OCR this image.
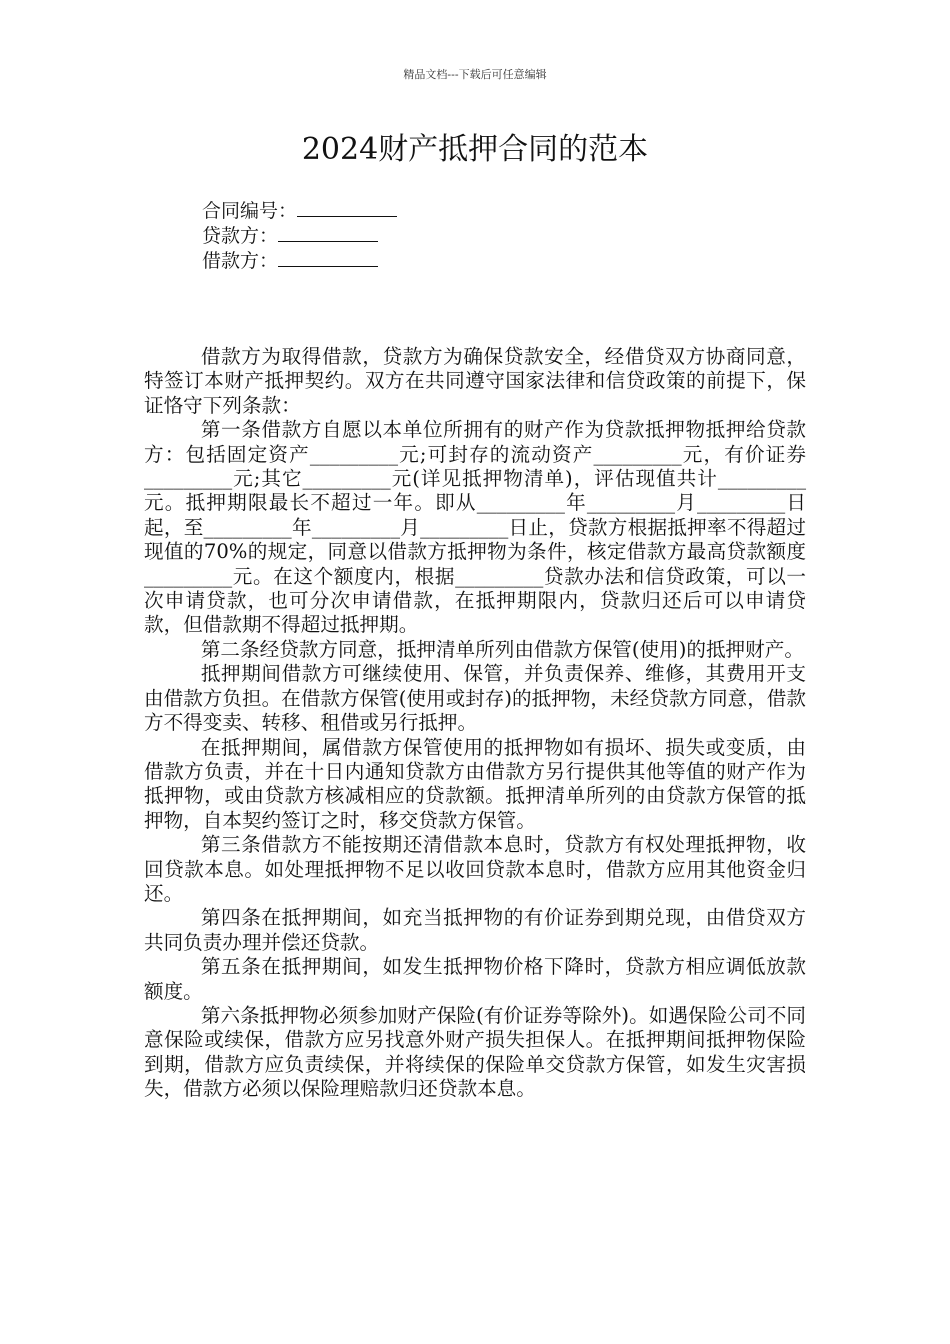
精品文档---下载后可任意编辑
2024财产抵押合同的范本
合同编号：
贷款方：
借款方：

借款方为取得借款，贷款方为确保贷款安全，经借贷双方协商同意，特签订本财产抵押契约。双方在共同遵守国家法律和信贷政策的前提下，保证恪守下列条款：

第一条借款方自愿以本单位所拥有的财产作为贷款抵押物抵押给贷款方：包括固定资产_________元;可封存的流动资产_________元，有价证券_________元;其它_________元(详见抵押物清单)，评估现值共计_________元。抵押期限最长不超过一年。即从_________年_________月_________日起，至_________年_________月_________日止，贷款方根据抵押率不得超过现值的70%的规定，同意以借款方抵押物为条件，核定借款方最高贷款额度_________元。在这个额度内，根据_________贷款办法和信贷政策，可以一次申请贷款，也可分次申请借款，在抵押期限内，贷款归还后可以申请贷款，但借款期不得超过抵押期。

第二条经贷款方同意，抵押清单所列由借款方保管(使用)的抵押财产。

抵押期间借款方可继续使用、保管，并负责保养、维修，其费用开支由借款方负担。在借款方保管(使用或封存)的抵押物，未经贷款方同意，借款方不得变卖、转移、租借或另行抵押。

在抵押期间，属借款方保管使用的抵押物如有损坏、损失或变质，由借款方负责，并在十日内通知贷款方由借款方另行提供其他等值的财产作为抵押物，或由贷款方核减相应的贷款额。抵押清单所列的由贷款方保管的抵押物，自本契约签订之时，移交贷款方保管。

第三条借款方不能按期还清借款本息时，贷款方有权处理抵押物，收回贷款本息。如处理抵押物不足以收回贷款本息时，借款方应用其他资金归还。

第四条在抵押期间，如充当抵押物的有价证券到期兑现，由借贷双方共同负责办理并偿还贷款。

第五条在抵押期间，如发生抵押物价格下降时，贷款方相应调低放款额度。

第六条抵押物必须参加财产保险(有价证券等除外)。如遇保险公司不同意保险或续保，借款方应另找意外财产损失担保人。在抵押期间抵押物保险到期，借款方应负责续保，并将续保的保险单交贷款方保管，如发生灾害损失，借款方必须以保险理赔款归还贷款本息。
